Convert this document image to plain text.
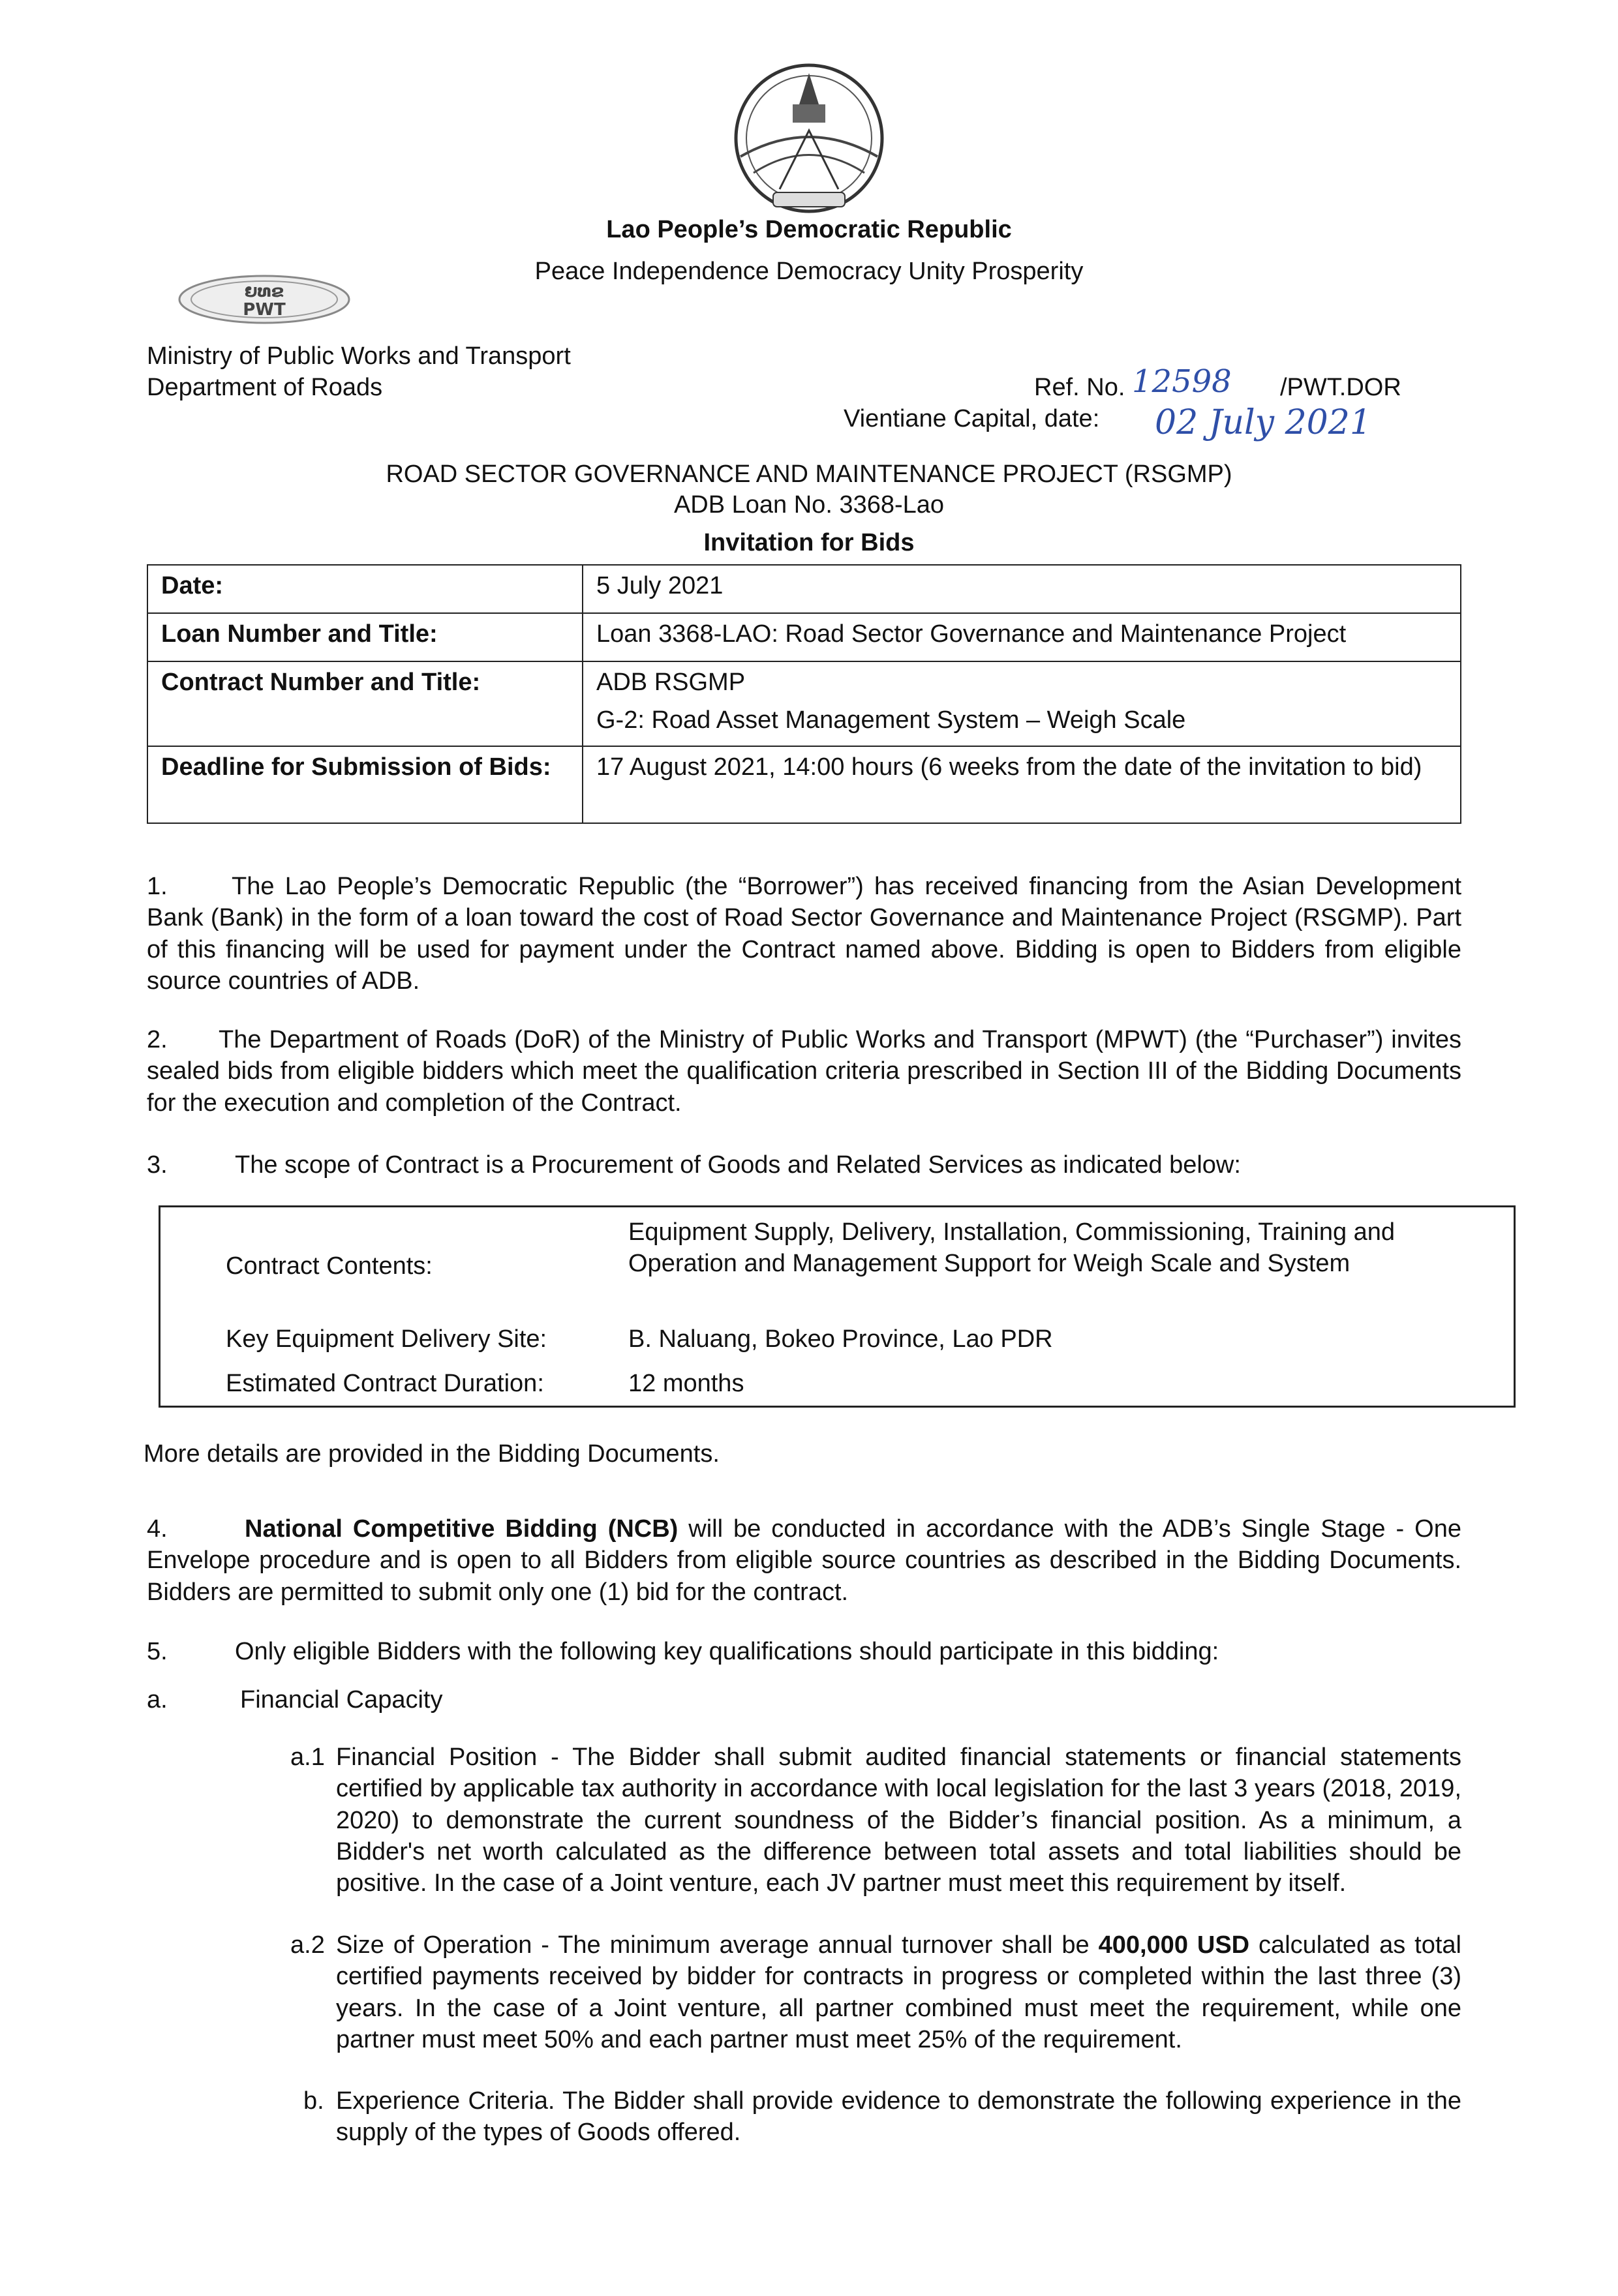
ຍທຂ
PWT
Lao People’s Democratic Republic
Peace Independence Democracy Unity Prosperity
Ministry of Public Works and Transport
Department of Roads	Ref. No. 12598 /PWT.DOR
Vientiane Capital, date: 02 July 2021
ROAD SECTOR GOVERNANCE AND MAINTENANCE PROJECT (RSGMP)
ADB Loan No. 3368-Lao
Invitation for Bids
Date:	5 July 2021
Loan Number and Title:	Loan 3368-LAO: Road Sector Governance and Maintenance Project
Contract Number and Title:	ADB RSGMP
G-2: Road Asset Management System – Weigh Scale

Deadline for Submission of Bids:	17 August 2021, 14:00 hours (6 weeks from the date of the invitation to bid)
1.	The Lao People’s Democratic Republic (the “Borrower”) has received financing from the Asian Development Bank (Bank) in the form of a loan toward the cost of Road Sector Governance and Maintenance Project (RSGMP). Part of this financing will be used for payment under the Contract named above. Bidding is open to Bidders from eligible source countries of ADB.
2. The Department of Roads (DoR) of the Ministry of Public Works and Transport (MPWT) (the “Purchaser”) invites sealed bids from eligible bidders which meet the qualification criteria prescribed in Section III of the Bidding Documents for the execution and completion of the Contract.
3.	The scope of Contract is a Procurement of Goods and Related Services as indicated below:
Contract Contents:
Equipment Supply, Delivery, Installation, Commissioning, Training and Operation and Management Support for Weigh Scale and System
Key Equipment Delivery Site:	B. Naluang, Bokeo Province, Lao PDR
Estimated Contract Duration:	12 months
More details are provided in the Bidding Documents.
4.	National Competitive Bidding (NCB) will be conducted in accordance with the ADB’s Single Stage - One Envelope procedure and is open to all Bidders from eligible source countries as described in the Bidding Documents. Bidders are permitted to submit only one (1) bid for the contract.
5.	Only eligible Bidders with the following key qualifications should participate in this bidding:
a.	Financial Capacity
a.1 Financial Position - The Bidder shall submit audited financial statements or financial statements certified by applicable tax authority in accordance with local legislation for the last 3 years (2018, 2019, 2020) to demonstrate the current soundness of the Bidder’s financial position. As a minimum, a Bidder's net worth calculated as the difference between total assets and total liabilities should be positive. In the case of a Joint venture, each JV partner must meet this requirement by itself.
a.2 Size of Operation - The minimum average annual turnover shall be 400,000 USD calculated as total certified payments received by bidder for contracts in progress or completed within the last three (3) years. In the case of a Joint venture, all partner combined must meet the requirement, while one partner must meet 50% and each partner must meet 25% of the requirement.
b. Experience Criteria. The Bidder shall provide evidence to demonstrate the following experience in the supply of the types of Goods offered.
